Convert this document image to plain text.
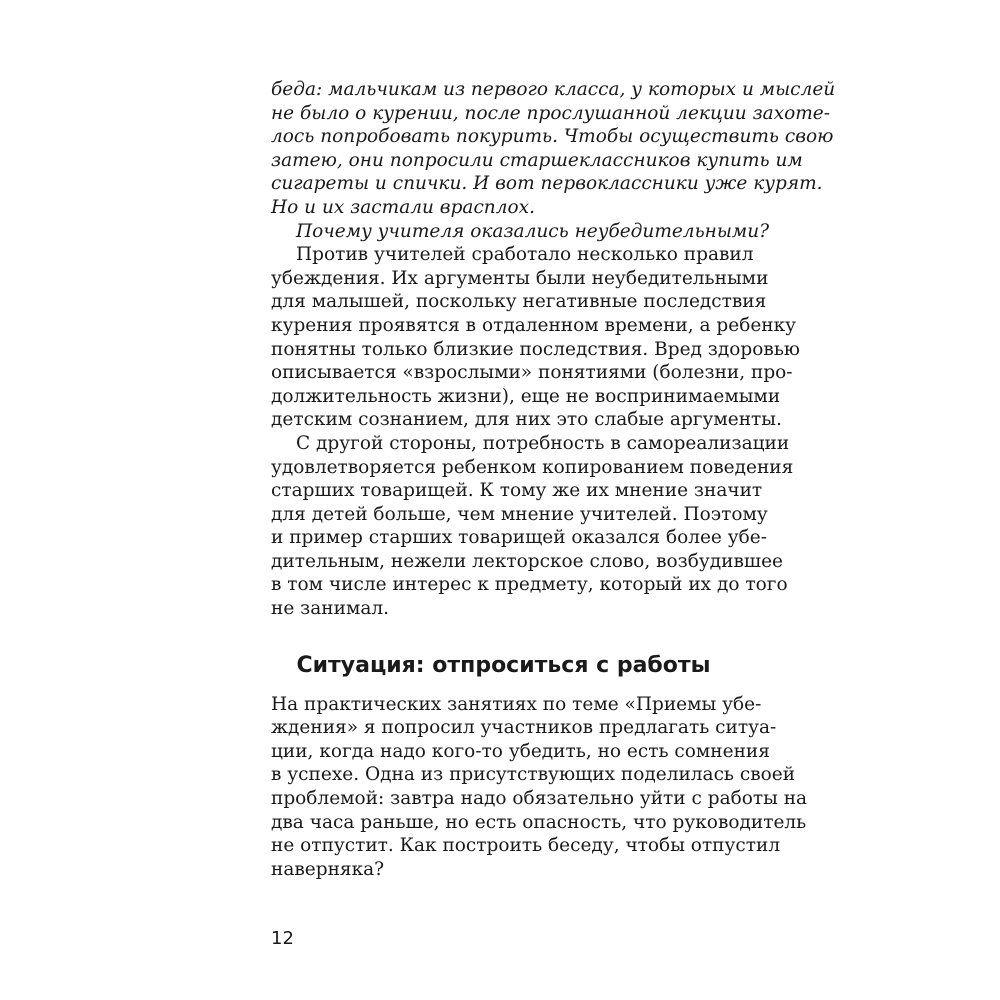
беда: мальчикам из первого класса, у которых и мыслей
не было о курении, после прослушанной лекции захоте-
лось попробовать покурить. Чтобы осуществить свою
затею, они попросили старшеклассников купить им
сигареты и спички. И вот первоклассники уже курят.
Но и их застали врасплох.
Почему учителя оказались неубедительными?
Против учителей сработало несколько правил
убеждения. Их аргументы были неубедительными
для малышей, поскольку негативные последствия
курения проявятся в отдаленном времени, а ребенку
понятны только близкие последствия. Вред здоровью
описывается «взрослыми» понятиями (болезни, про-
должительность жизни), еще не воспринимаемыми
детским сознанием, для них это слабые аргументы.
С другой стороны, потребность в самореализации
удовлетворяется ребенком копированием поведения
старших товарищей. К тому же их мнение значит
для детей больше, чем мнение учителей. Поэтому
и пример старших товарищей оказался более убе-
дительным, нежели лекторское слово, возбудившее
в том числе интерес к предмету, который их до того
не занимал.
Ситуация: отпроситься с работы
На практических занятиях по теме «Приемы убе-
ждения» я попросил участников предлагать ситуа-
ции, когда надо кого-то убедить, но есть сомнения
в успехе. Одна из присутствующих поделилась своей
проблемой: завтра надо обязательно уйти с работы на
два часа раньше, но есть опасность, что руководитель
не отпустит. Как построить беседу, чтобы отпустил
наверняка?
12
